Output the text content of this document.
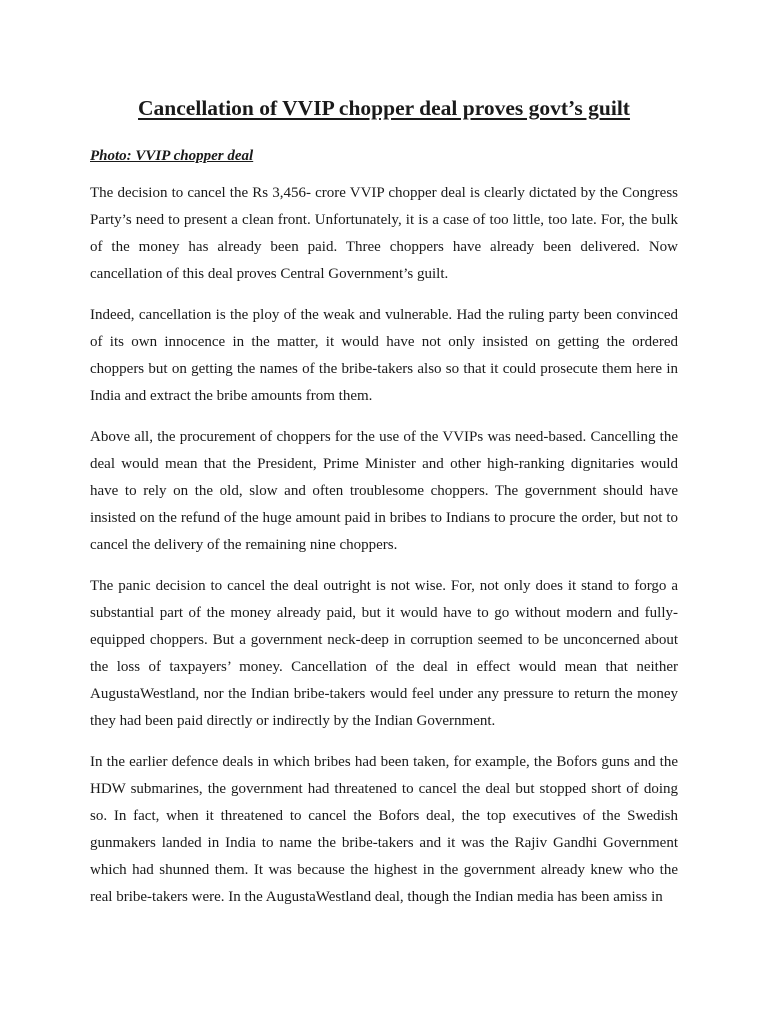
Cancellation of VVIP chopper deal proves govt’s guilt

Photo: VVIP chopper deal

The decision to cancel the Rs 3,456- crore VVIP chopper deal is clearly dictated by the Congress Party’s need to present a clean front. Unfortunately, it is a case of too little, too late. For, the bulk of the money has already been paid. Three choppers have already been delivered. Now cancellation of this deal proves Central Government’s guilt.

Indeed, cancellation is the ploy of the weak and vulnerable. Had the ruling party been convinced of its own innocence in the matter, it would have not only insisted on getting the ordered choppers but on getting the names of the bribe-takers also so that it could prosecute them here in India and extract the bribe amounts from them.

Above all, the procurement of choppers for the use of the VVIPs was need-based. Cancelling the deal would mean that the President, Prime Minister and other high-ranking dignitaries would have to rely on the old, slow and often troublesome choppers. The government should have insisted on the refund of the huge amount paid in bribes to Indians to procure the order, but not to cancel the delivery of the remaining nine choppers.

The panic decision to cancel the deal outright is not wise. For, not only does it stand to forgo a substantial part of the money already paid, but it would have to go without modern and fully-equipped choppers. But a government neck-deep in corruption seemed to be unconcerned about the loss of taxpayers’ money. Cancellation of the deal in effect would mean that neither AugustaWestland, nor the Indian bribe-takers would feel under any pressure to return the money they had been paid directly or indirectly by the Indian Government.

In the earlier defence deals in which bribes had been taken, for example, the Bofors guns and the HDW submarines, the government had threatened to cancel the deal but stopped short of doing so. In fact, when it threatened to cancel the Bofors deal, the top executives of the Swedish gunmakers landed in India to name the bribe-takers and it was the Rajiv Gandhi Government which had shunned them. It was because the highest in the government already knew who the real bribe-takers were. In the AugustaWestland deal, though the Indian media has been amiss in
